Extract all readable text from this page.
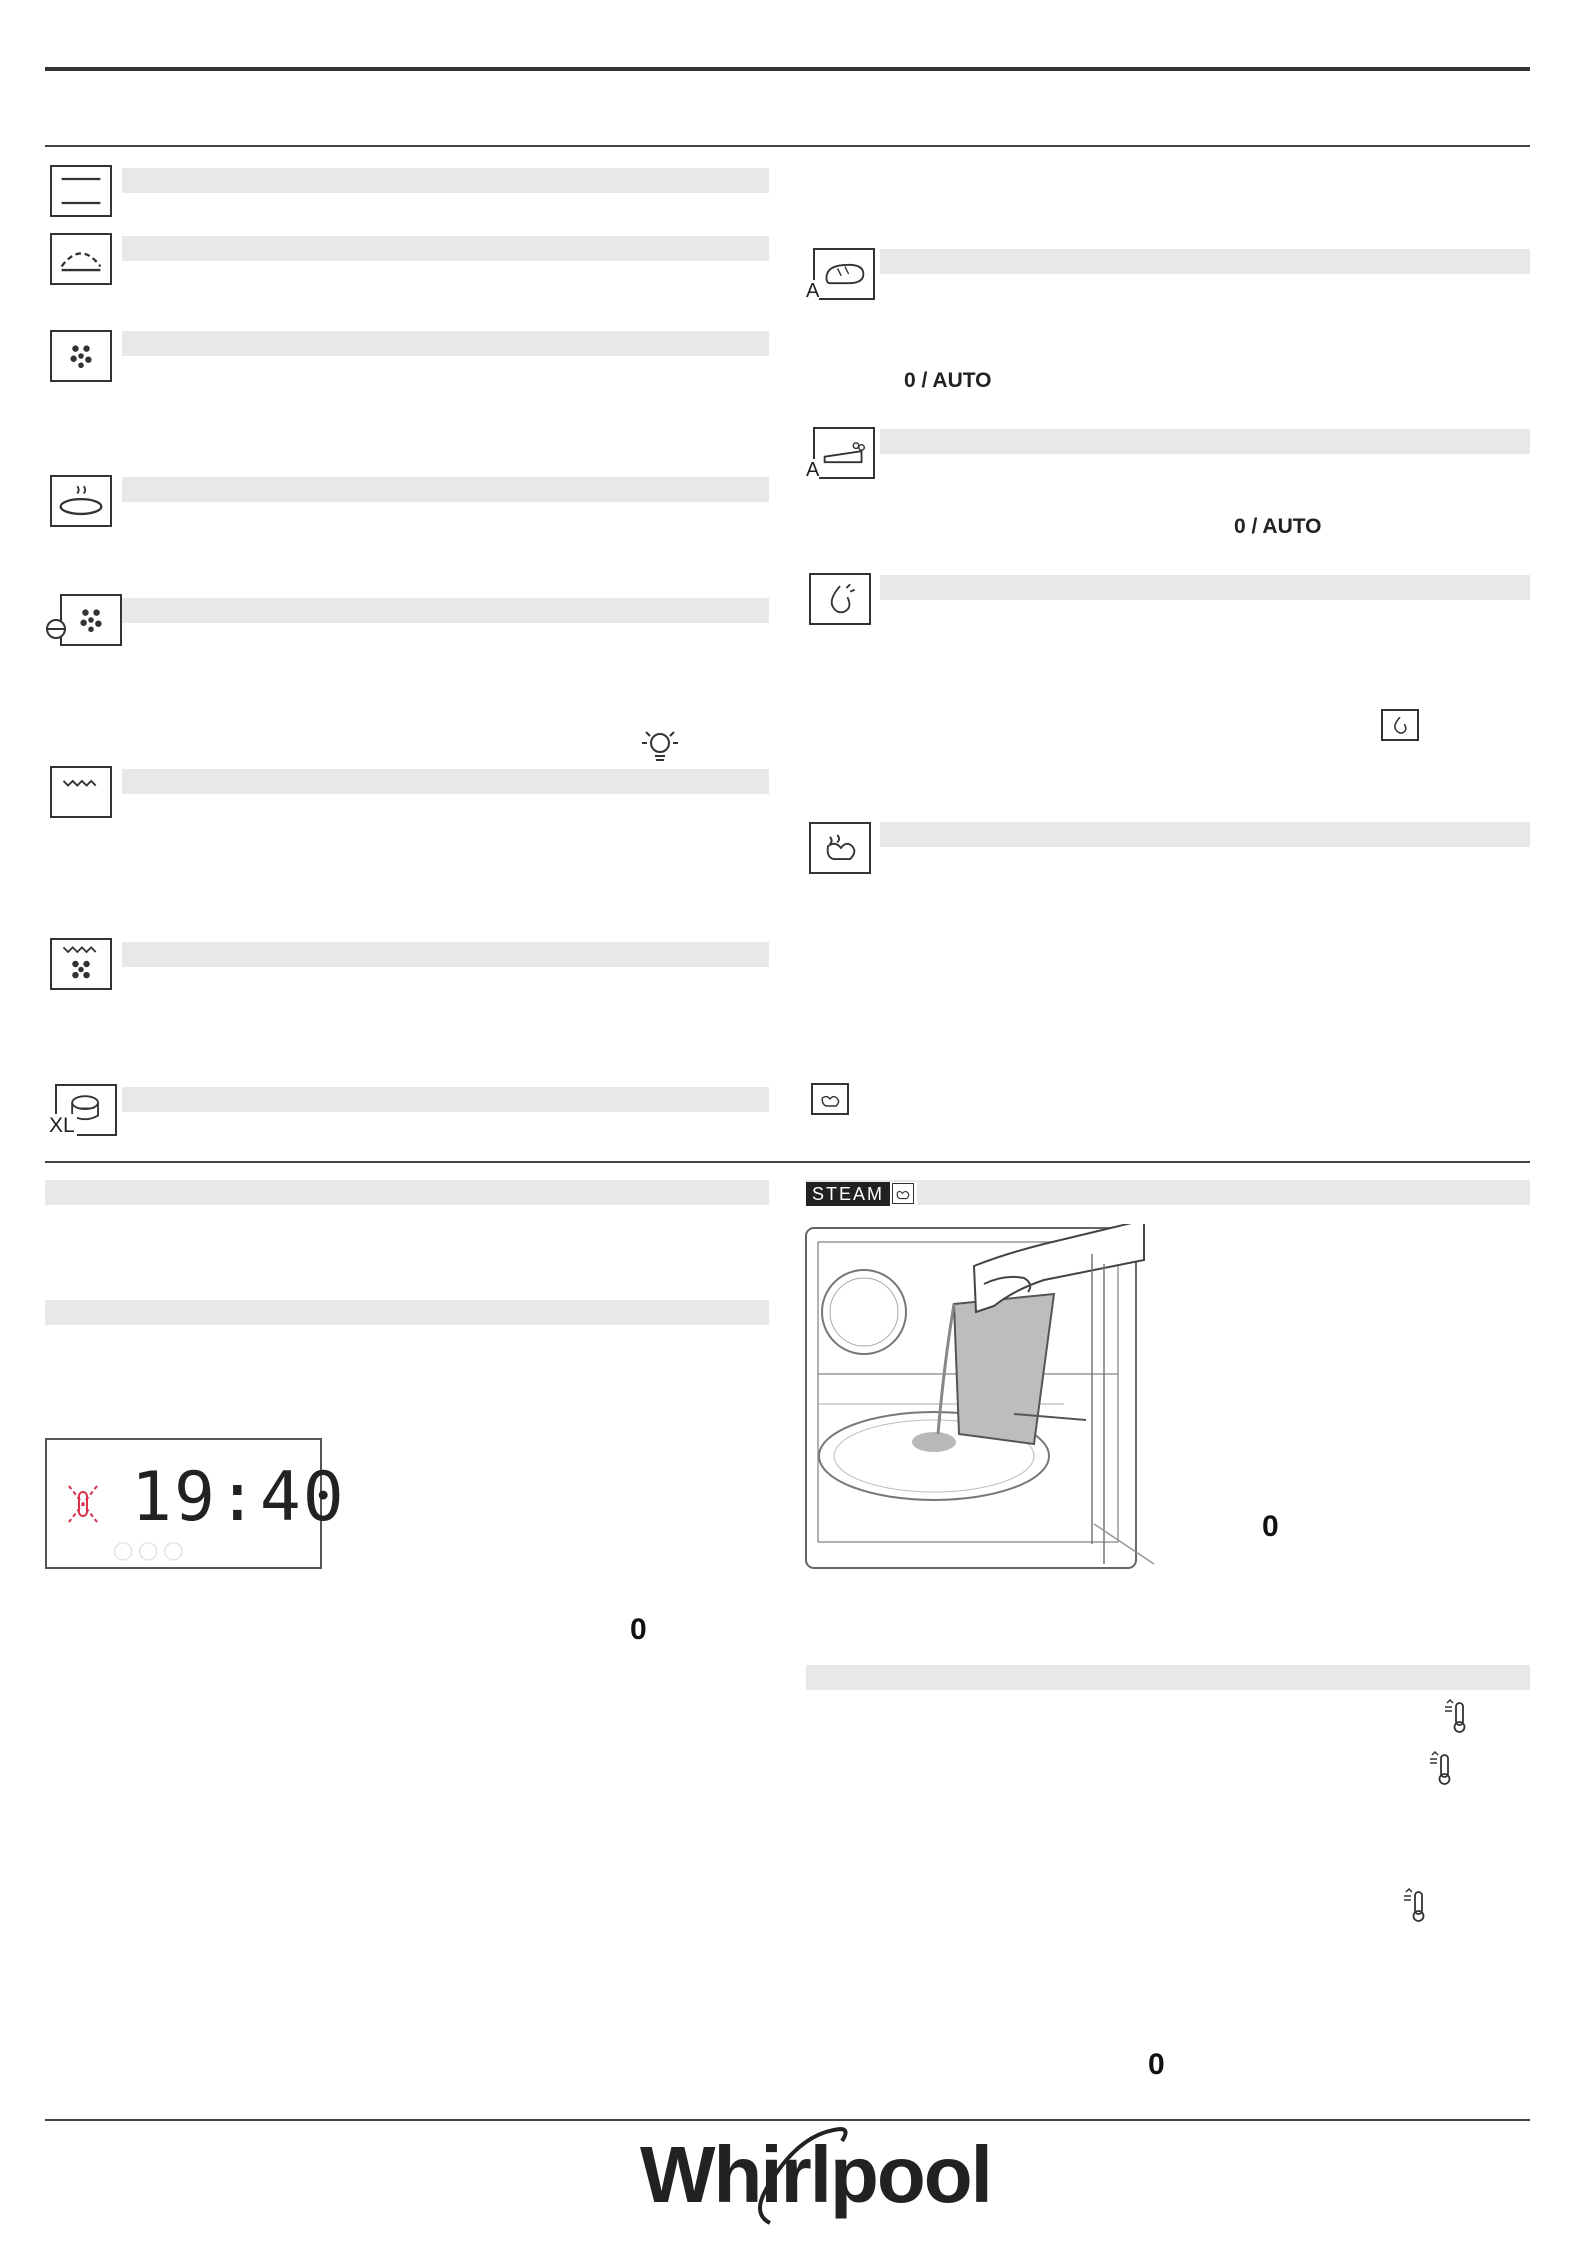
XL
A
A
0 / AUTO
0 / AUTO
19:40
◯ ◯ ◯
0
STEAM
0
0
Whirlpool
